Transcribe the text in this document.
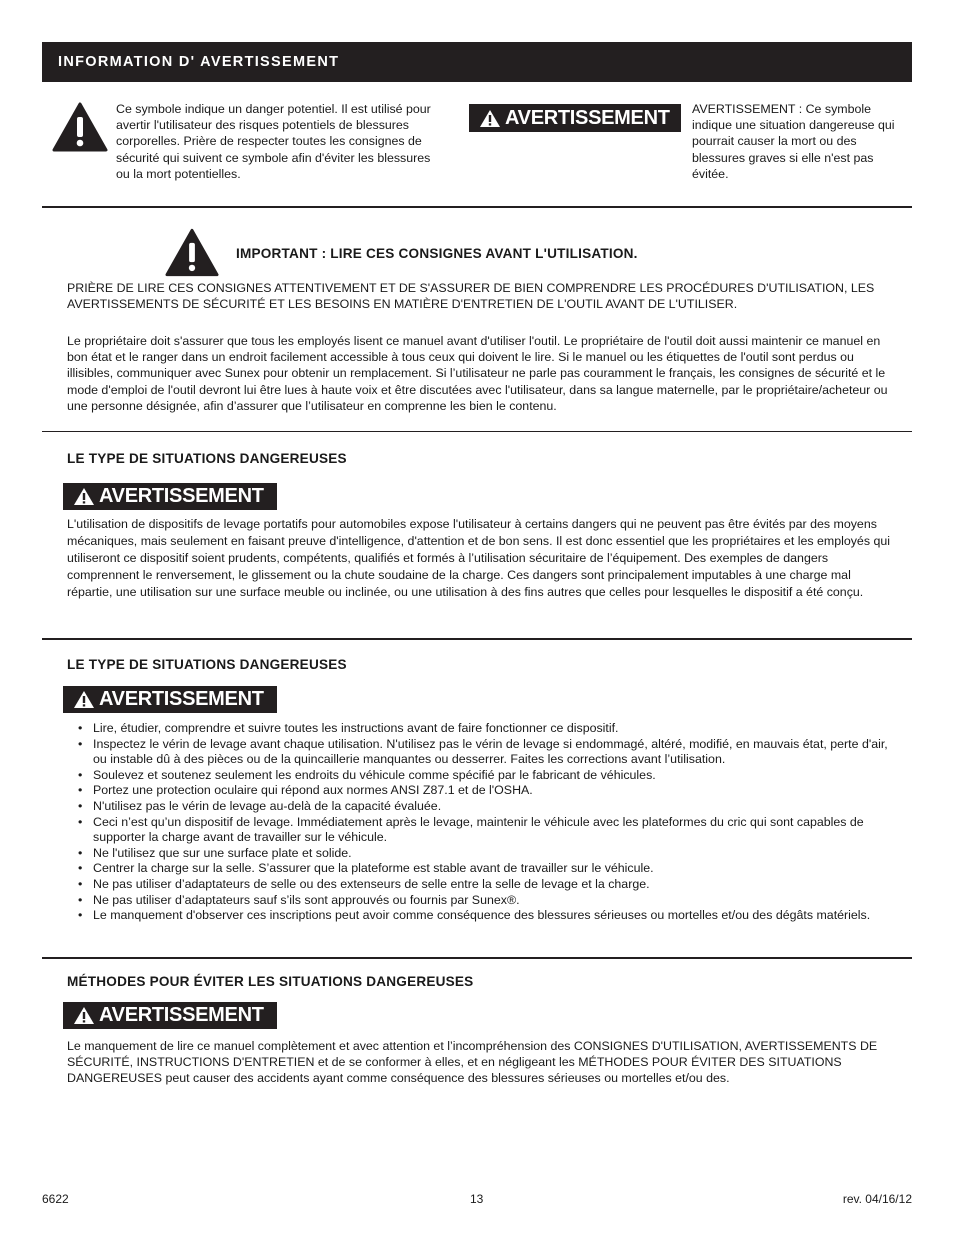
INFORMATION D' AVERTISSEMENT

Ce symbole indique un danger potentiel. Il est utilisé pour avertir l'utilisateur des risques potentiels de blessures corporelles. Prière de respecter toutes les consignes de sécurité qui suivent ce symbole afin d'éviter les blessures ou la mort potentielles.

AVERTISSEMENT AVERTISSEMENT : Ce symbole indique une situation dangereuse qui pourrait causer la mort ou des blessures graves si elle n'est pas évitée.

IMPORTANT : LIRE CES CONSIGNES AVANT L'UTILISATION.

PRIÈRE DE LIRE CES CONSIGNES ATTENTIVEMENT ET DE S'ASSURER DE BIEN COMPRENDRE LES PROCÉDURES D'UTILISATION, LES AVERTISSEMENTS DE SÉCURITÉ ET LES BESOINS EN MATIÈRE D'ENTRETIEN DE L'OUTIL AVANT DE L'UTILISER.

Le propriétaire doit s'assurer que tous les employés lisent ce manuel avant d'utiliser l'outil. Le propriétaire de l'outil doit aussi maintenir ce manuel en bon état et le ranger dans un endroit facilement accessible à tous ceux qui doivent le lire. Si le manuel ou les étiquettes de l'outil sont perdus ou illisibles, communiquer avec Sunex pour obtenir un remplacement. Si l’utilisateur ne parle pas couramment le français, les consignes de sécurité et le mode d'emploi de l'outil devront lui être lues à haute voix et être discutées avec l'utilisateur, dans sa langue maternelle, par le propriétaire/acheteur ou une personne désignée, afin d’assurer que l’utilisateur en comprenne les bien le contenu.

LE TYPE DE SITUATIONS DANGEREUSES

AVERTISSEMENT

L'utilisation de dispositifs de levage portatifs pour automobiles expose l'utilisateur à certains dangers qui ne peuvent pas être évités par des moyens mécaniques, mais seulement en faisant preuve d'intelligence, d'attention et de bon sens. Il est donc essentiel que les propriétaires et les employés qui utiliseront ce dispositif soient prudents, compétents, qualifiés et formés à l’utilisation sécuritaire de l’équipement. Des exemples de dangers comprennent le renversement, le glissement ou la chute soudaine de la charge. Ces dangers sont principalement imputables à une charge mal répartie, une utilisation sur une surface meuble ou inclinée, ou une utilisation à des fins autres que celles pour lesquelles le dispositif a été conçu.

LE TYPE DE SITUATIONS DANGEREUSES

AVERTISSEMENT
• Lire, étudier, comprendre et suivre toutes les instructions avant de faire fonctionner ce dispositif.
• Inspectez le vérin de levage avant chaque utilisation. N'utilisez pas le vérin de levage si endommagé, altéré, modifié, en mauvais état, perte d'air, ou instable dû à des pièces ou de la quincaillerie manquantes ou desserrer. Faites les corrections avant l’utilisation.
• Soulevez et soutenez seulement les endroits du véhicule comme spécifié par le fabricant de véhicules.
• Portez une protection oculaire qui répond aux normes ANSI Z87.1 et de l'OSHA.
• N'utilisez pas le vérin de levage au-delà de la capacité évaluée.
• Ceci n’est qu’un dispositif de levage. Immédiatement après le levage, maintenir le véhicule avec les plateformes du cric qui sont capables de supporter la charge avant de travailler sur le véhicule.
• Ne l'utilisez que sur une surface plate et solide.
• Centrer la charge sur la selle. S’assurer que la plateforme est stable avant de travailler sur le véhicule.
• Ne pas utiliser d’adaptateurs de selle ou des extenseurs de selle entre la selle de levage et la charge.
• Ne pas utiliser d’adaptateurs sauf s’ils sont approuvés ou fournis par Sunex®.
• Le manquement d'observer ces inscriptions peut avoir comme conséquence des blessures sérieuses ou mortelles et/ou des dégâts matériels.

MÉTHODES POUR ÉVITER LES SITUATIONS DANGEREUSES

AVERTISSEMENT

Le manquement de lire ce manuel complètement et avec attention et l’incompréhension des CONSIGNES D'UTILISATION, AVERTISSEMENTS DE SÉCURITÉ, INSTRUCTIONS D'ENTRETIEN et de se conformer à elles, et en négligeant les MÉTHODES POUR ÉVITER DES SITUATIONS DANGEREUSES peut causer des accidents ayant comme conséquence des blessures sérieuses ou mortelles et/ou des.

6622	13	rev. 04/16/12
